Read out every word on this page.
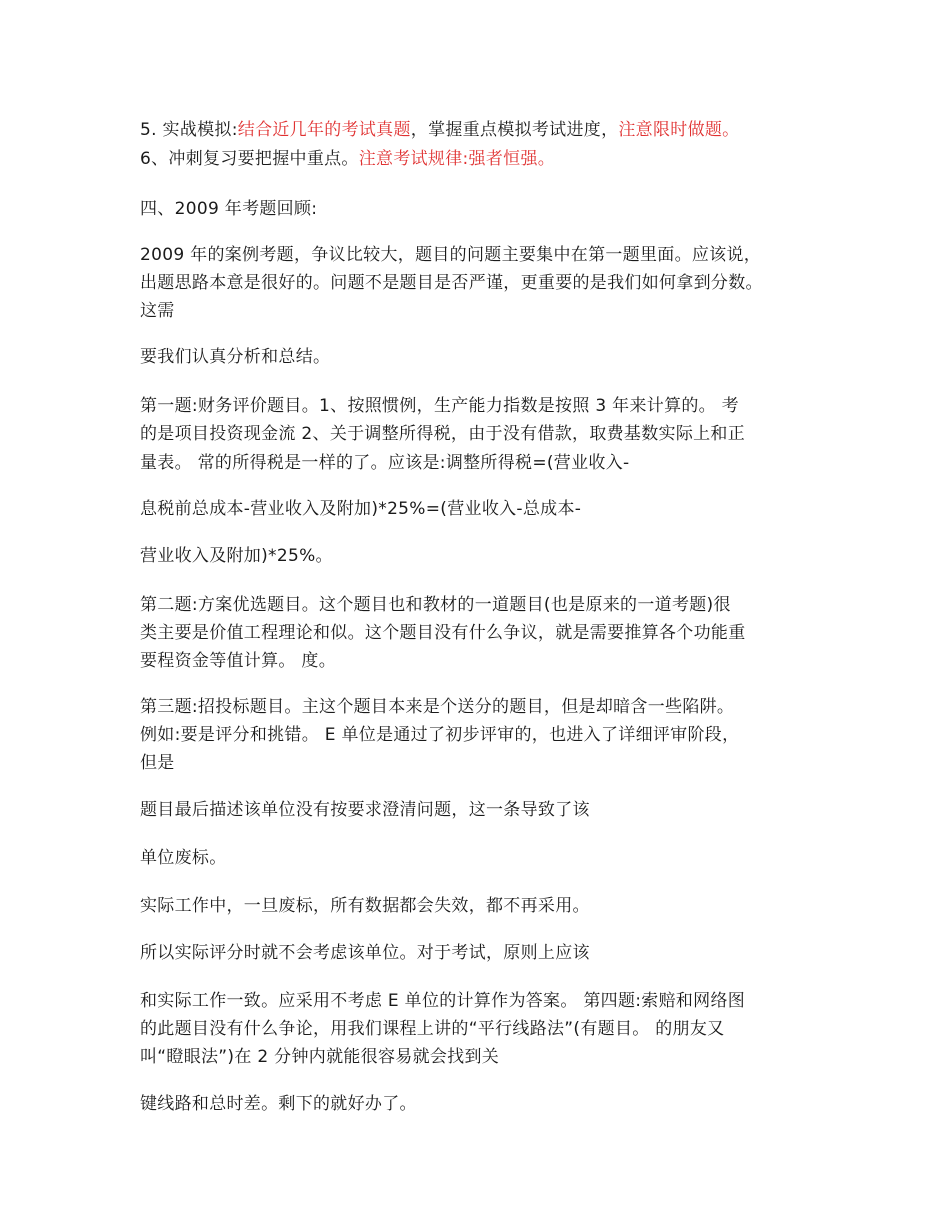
5. 实战模拟:结合近几年的考试真题，掌握重点模拟考试进度，注意限时做题。
6、冲刺复习要把握中重点。注意考试规律:强者恒强。
四、2009 年考题回顾:
2009 年的案例考题，争议比较大，题目的问题主要集中在第一题里面。应该说，
出题思路本意是很好的。问题不是题目是否严谨，更重要的是我们如何拿到分数。
这需
要我们认真分析和总结。
第一题:财务评价题目。1、按照惯例，生产能力指数是按照 3 年来计算的。 考
的是项目投资现金流 2、关于调整所得税，由于没有借款，取费基数实际上和正
量表。 常的所得税是一样的了。应该是:调整所得税=(营业收入-
息税前总成本-营业收入及附加)*25%=(营业收入-总成本-
营业收入及附加)*25%。
第二题:方案优选题目。这个题目也和教材的一道题目(也是原来的一道考题)很
类主要是价值工程理论和似。这个题目没有什么争议，就是需要推算各个功能重
要程资金等值计算。 度。
第三题:招投标题目。主这个题目本来是个送分的题目，但是却暗含一些陷阱。
例如:要是评分和挑错。 E 单位是通过了初步评审的，也进入了详细评审阶段，
但是
题目最后描述该单位没有按要求澄清问题，这一条导致了该
单位废标。
实际工作中，一旦废标，所有数据都会失效，都不再采用。
所以实际评分时就不会考虑该单位。对于考试，原则上应该
和实际工作一致。应采用不考虑 E 单位的计算作为答案。 第四题:索赔和网络图
的此题目没有什么争论，用我们课程上讲的“平行线路法”(有题目。 的朋友又
叫“瞪眼法”)在 2 分钟内就能很容易就会找到关
键线路和总时差。剩下的就好办了。
